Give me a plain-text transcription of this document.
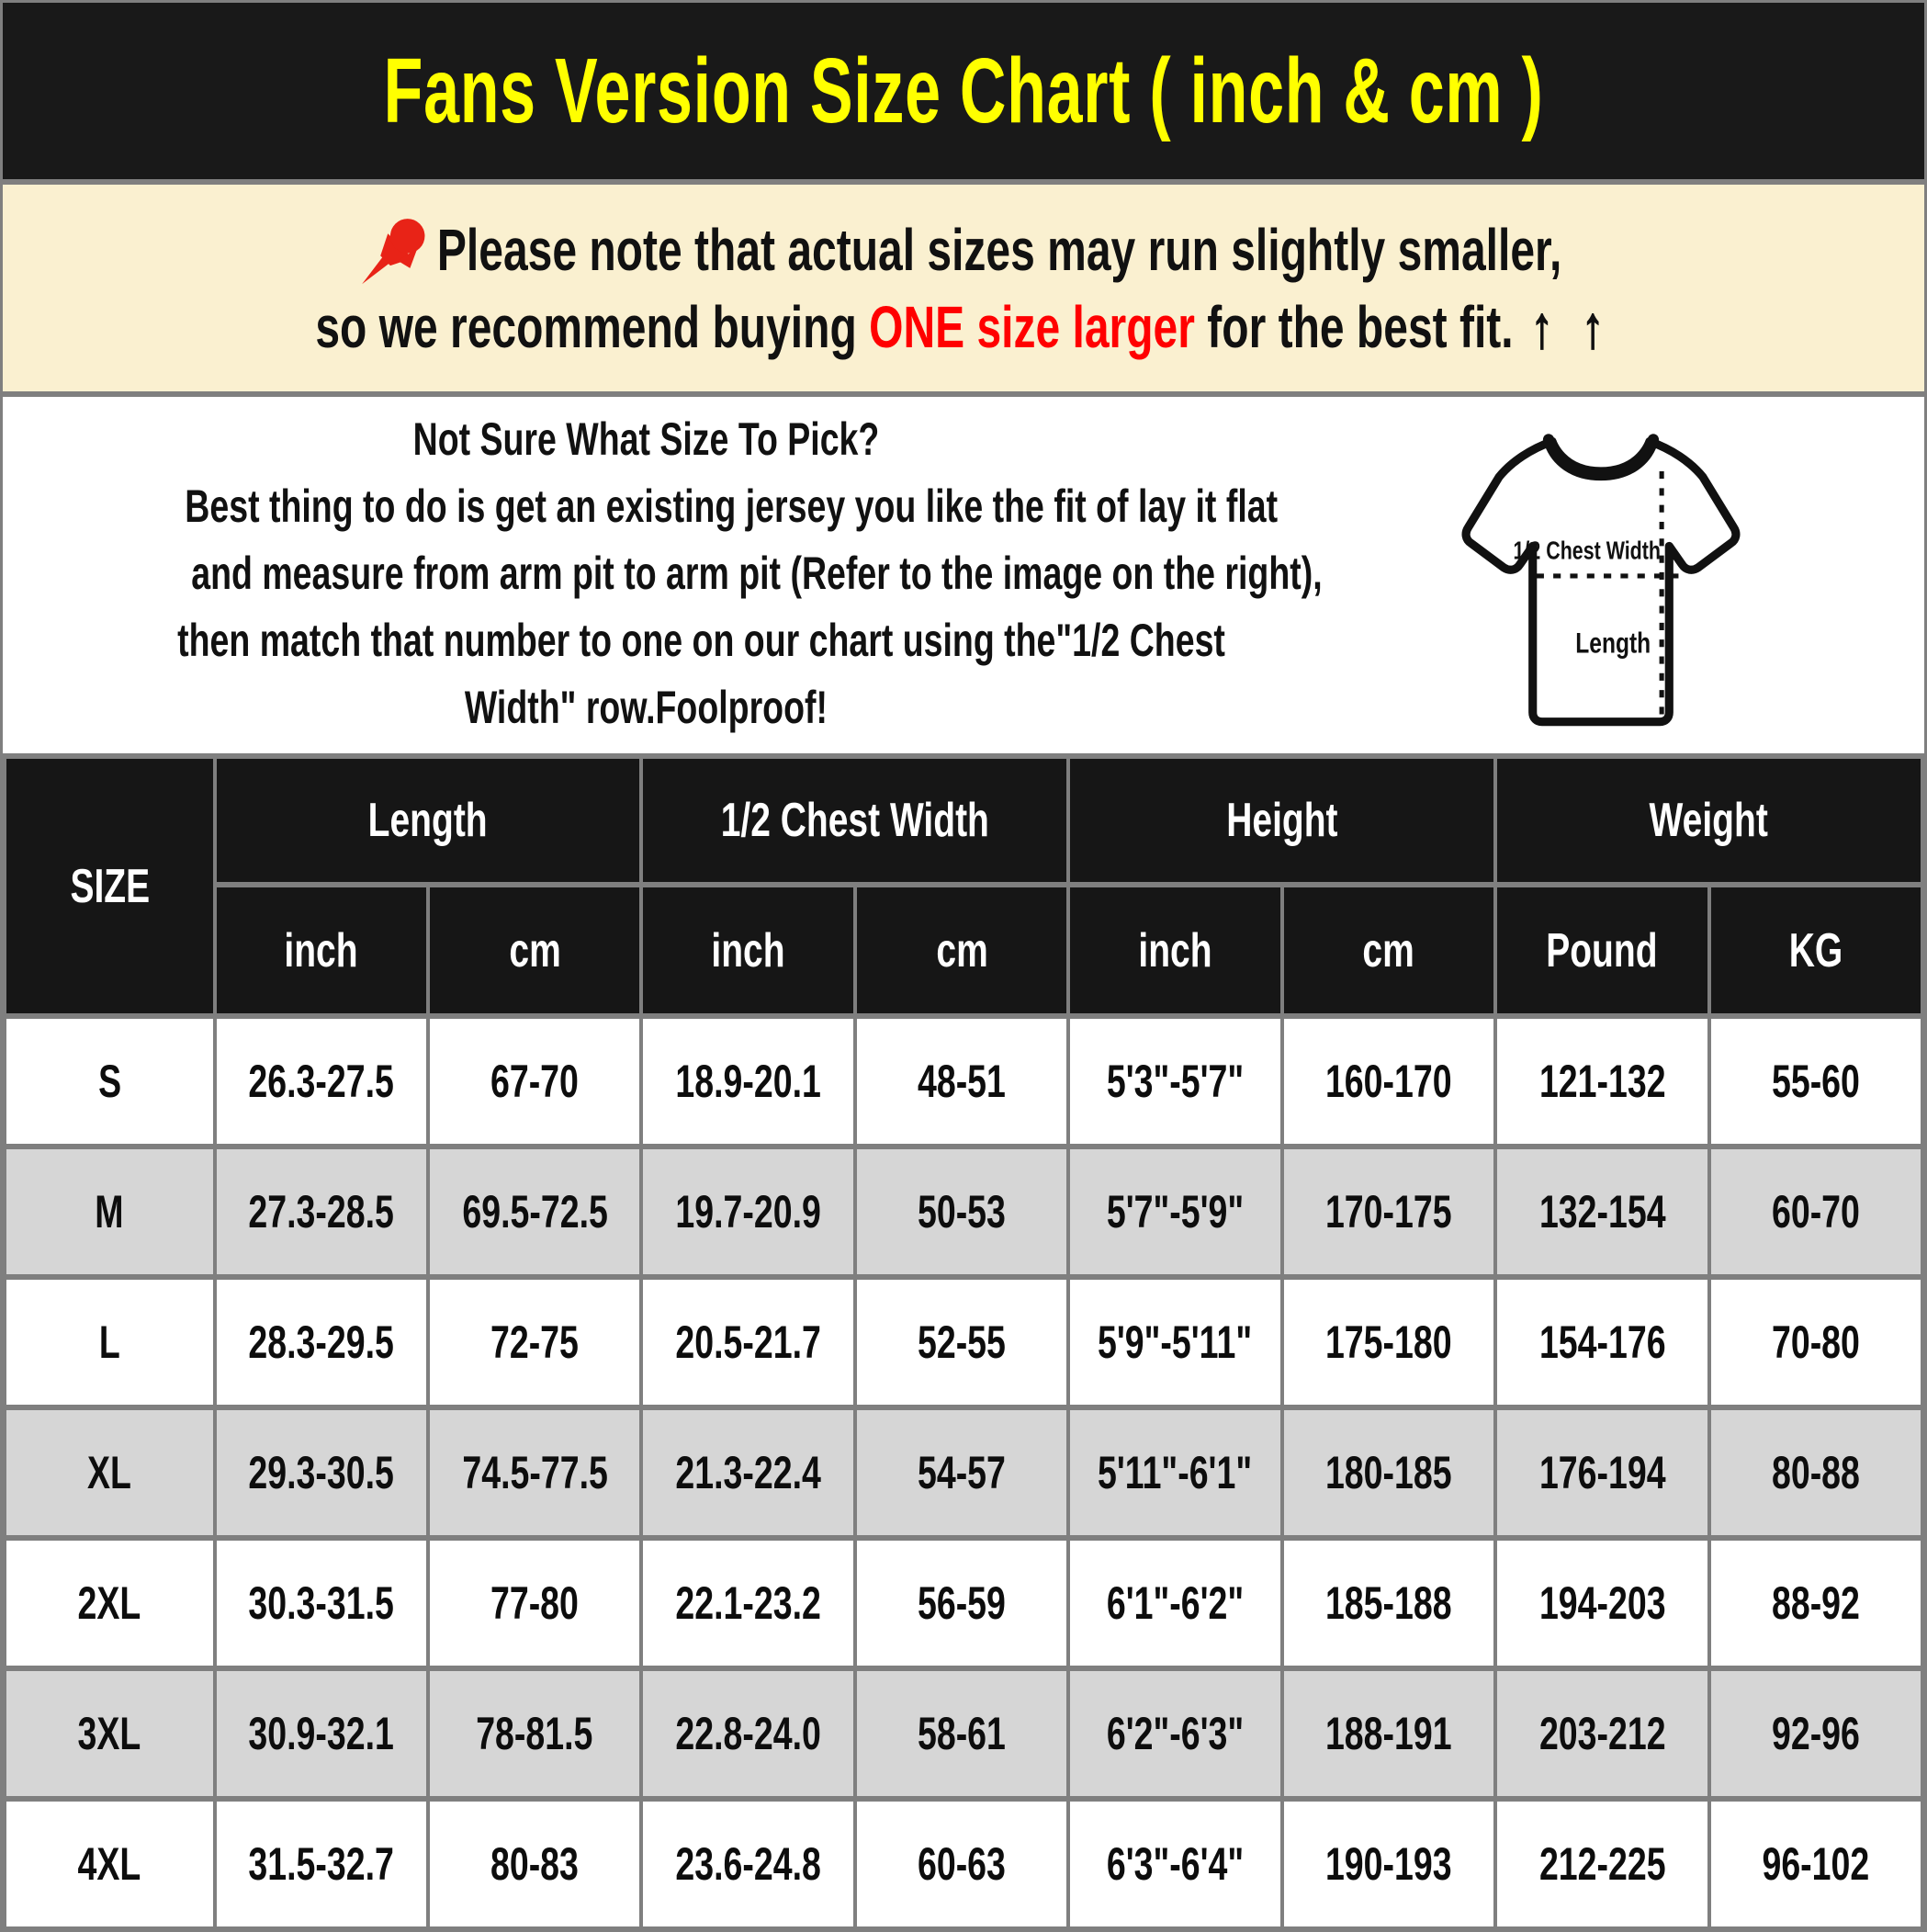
Fans Version Size Chart ( inch & cm )
Please note that actual sizes may run slightly smaller,
so we recommend buying ONE size larger for the best fit. ↑ ↑
Not Sure What Size To Pick?
Best thing to do is get an existing jersey you like the fit of lay it flat
and measure from arm pit to arm pit (Refer to the image on the right),
then match that number to one on our chart using the"1/2 Chest
Width" row.Foolproof!
1/2 Chest Width
Length
SIZE	Length		1/2 Chest Width		Height		Weight	
	inch	cm	inch	cm	inch	cm	Pound	KG
S	26.3-27.5	67-70	18.9-20.1	48-51	5'3"-5'7"	160-170	121-132	55-60
M	27.3-28.5	69.5-72.5	19.7-20.9	50-53	5'7"-5'9"	170-175	132-154	60-70
L	28.3-29.5	72-75	20.5-21.7	52-55	5'9"-5'11"	175-180	154-176	70-80
XL	29.3-30.5	74.5-77.5	21.3-22.4	54-57	5'11"-6'1"	180-185	176-194	80-88
2XL	30.3-31.5	77-80	22.1-23.2	56-59	6'1"-6'2"	185-188	194-203	88-92
3XL	30.9-32.1	78-81.5	22.8-24.0	58-61	6'2"-6'3"	188-191	203-212	92-96
4XL	31.5-32.7	80-83	23.6-24.8	60-63	6'3"-6'4"	190-193	212-225	96-102
